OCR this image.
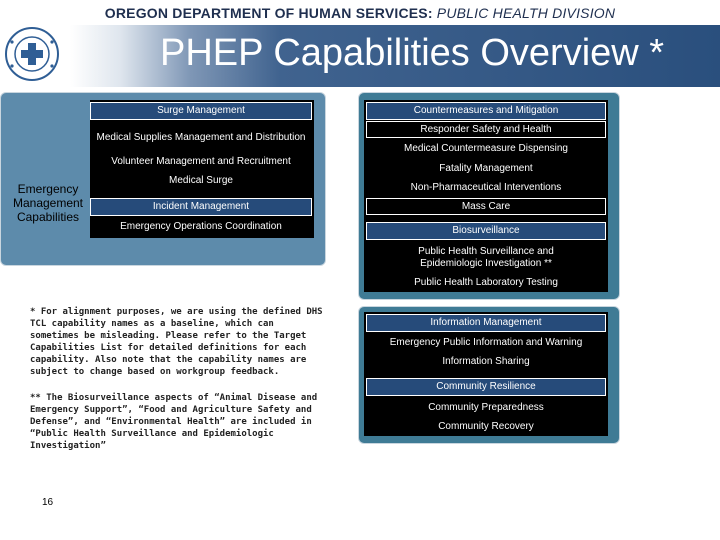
OREGON DEPARTMENT OF HUMAN SERVICES: PUBLIC HEALTH DIVISION
PHEP Capabilities Overview *
Emergency Management Capabilities
Surge Management
Medical Supplies Management and Distribution
Volunteer Management and Recruitment
Medical Surge
Incident Management
Emergency Operations Coordination
Countermeasures and Mitigation
Responder Safety and Health
Medical Countermeasure Dispensing
Fatality Management
Non-Pharmaceutical Interventions
Mass Care
Biosurveillance
Public Health Surveillance and Epidemiologic Investigation **
Public Health Laboratory Testing
Information Management
Emergency Public Information and Warning
Information Sharing
Community Resilience
Community Preparedness
Community Recovery

* For alignment purposes, we are using the defined DHS TCL capability names as a baseline, which can sometimes be misleading. Please refer to the Target Capabilities List for detailed definitions for each capability. Also note that the capability names are subject to change based on workgroup feedback.

** The Biosurveillance aspects of “Animal Disease and Emergency Support”, “Food and Agriculture Safety and Defense”, and “Environmental Health” are included in “Public Health Surveillance and Epidemiologic Investigation”

16
